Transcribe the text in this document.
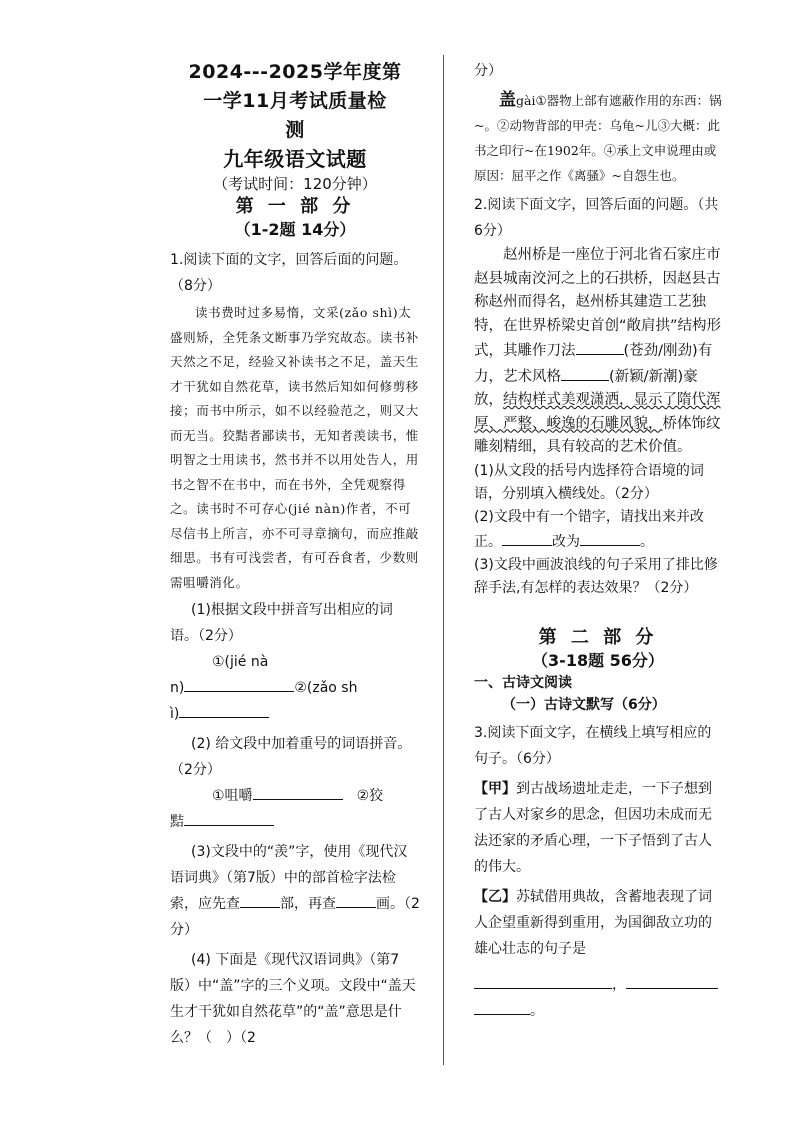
2024---2025学年度第
一学11月考试质量检
测
九年级语文试题
（考试时间：120分钟）
第 一 部 分
（1-2题 14分）

1.阅读下面的文字，回答后面的问题。（8分）

读书费时过多易惰，文采(zǎo shì)太盛则矫，全凭条文断事乃学究故态。读书补天然之不足，经验又补读书之不足，盖天生才干犹如自然花草，读书然后知如何修剪移接；而书中所示，如不以经验范之，则又大而无当。狡黠者鄙读书，无知者羡读书，惟明智之士用读书，然书并不以用处告人，用书之智不在书中，而在书外，全凭观察得之。读书时不可存心(jié nàn)作者，不可尽信书上所言，亦不可寻章摘句，而应推敲细思。书有可浅尝者，有可吞食者，少数则需咀嚼消化。

(1)根据文段中拼音写出相应的词语。（2分）

①(jié nà

n)	②(zǎo sh

ì)

(2) 给文段中加着重号的词语拼音。（2分）

①咀嚼　	②狡

黠

(3)文段中的“羡”字，使用《现代汉语词典》（第7版）中的部首检字法检索，应先查	部，再查	画。（2分）

(4) 下面是《现代汉语词典》（第7版）中“盖”字的三个义项。文段中“盖天生才干犹如自然花草”的“盖”意思是什么？（　）（2

分）

盖gài①器物上部有遮蔽作用的东西：锅~。②动物背部的甲壳：乌龟~儿③大概：此书之印行~在1902年。④承上文申说理由或原因：屈平之作《离骚》~自怨生也。

2.阅读下面文字，回答后面的问题。（共6分）

赵州桥是一座位于河北省石家庄市赵县城南洨河之上的石拱桥，因赵县古称赵州而得名，赵州桥其建造工艺独特，在世界桥梁史首创“敞肩拱”结构形式，其雕作刀法	(苍劲/刚劲)有力，艺术风格	(新颖/新潮)豪放，结构样式美观潇洒，显示了隋代浑厚、严整、峻逸的石雕风貌，桥体饰纹雕刻精细，具有较高的艺术价值。

(1)从文段的括号内选择符合语境的词语，分别填入横线处。（2分）

(2)文段中有一个错字，请找出来并改正。	改为	。

(3)文段中画波浪线的句子采用了排比修辞手法,有怎样的表达效果？（2分）

第 二 部 分
（3-18题 56分）

一、古诗文阅读

（一）古诗文默写（6分）

3.阅读下面文字，在横线上填写相应的句子。（6分）

【甲】到古战场遗址走走，一下子想到了古人对家乡的思念，但因功未成而无法还家的矛盾心理，一下子悟到了古人的伟大。

【乙】苏轼借用典故，含蓄地表现了词人企望重新得到重用，为国御敌立功的雄心壮志的句子是

，

。
